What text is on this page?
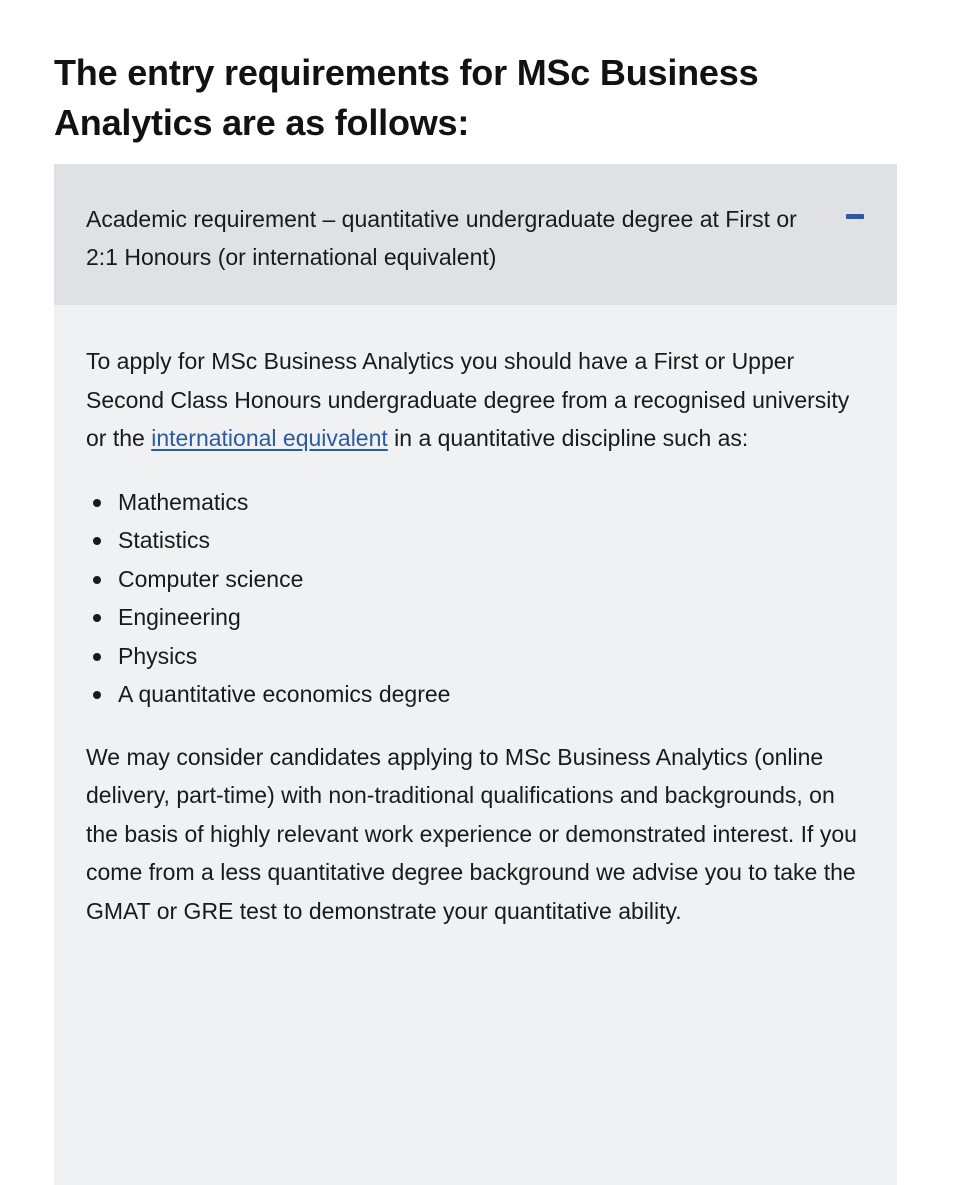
The entry requirements for MSc Business Analytics are as follows:
Academic requirement – quantitative undergraduate degree at First or 2:1 Honours (or international equivalent)

To apply for MSc Business Analytics you should have a First or Upper Second Class Honours undergraduate degree from a recognised university or the international equivalent in a quantitative discipline such as:

Mathematics
Statistics
Computer science
Engineering
Physics
A quantitative economics degree

We may consider candidates applying to MSc Business Analytics (online delivery, part-time) with non-traditional qualifications and backgrounds, on the basis of highly relevant work experience or demonstrated interest. If you come from a less quantitative degree background we advise you to take the GMAT or GRE test to demonstrate your quantitative ability.
